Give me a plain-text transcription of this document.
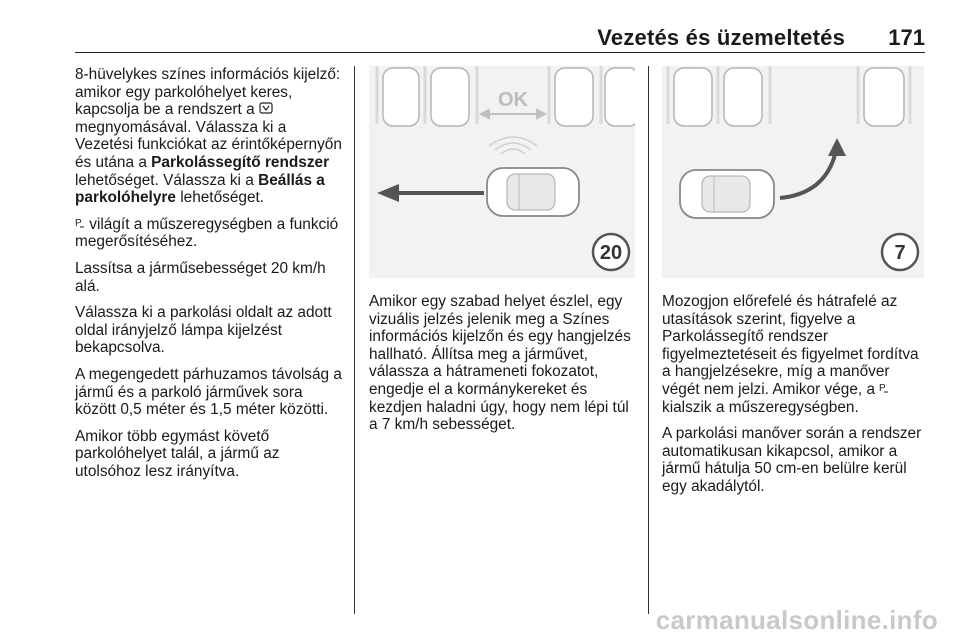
Vezetés és üzemeltetés 171

8-hüvelykes színes információs kijelző: amikor egy parkolóhelyet keres, kapcsolja be a rendszert a  megnyomásával. Válassza ki a Vezetési funkciókat az érintőképernyőn és utána a Parkolássegítő rendszer lehetőséget. Válassza ki a Beállás a parkolóhelyre lehetőséget.

P világít a műszeregységben a funkció megerősítéséhez.

Lassítsa a járműsebességet 20 km/h alá.

Válassza ki a parkolási oldalt az adott oldal irányjelző lámpa kijelzést bekapcsolva.

A megengedett párhuzamos távolság a jármű és a parkoló járművek sora között 0,5 méter és 1,5 méter közötti.

Amikor több egymást követő parkolóhelyet talál, a jármű az utolsóhoz lesz irányítva.

OK
20	7

Amikor egy szabad helyet észlel, egy vizuális jelzés jelenik meg a Színes információs kijelzőn és egy hangjelzés hallható. Állítsa meg a járművet, válassza a hátrameneti fokozatot, engedje el a kormánykereket és kezdjen haladni úgy, hogy nem lépi túl a 7 km/h sebességet.

Mozogjon előrefelé és hátrafelé az utasítások szerint, figyelve a Parkolássegítő rendszer figyelmeztetéseit és figyelmet fordítva a hangjelzésekre, míg a manőver végét nem jelzi. Amikor vége, a P
kialszik a műszeregységben.

A parkolási manőver során a rendszer automatikusan kikapcsol, amikor a jármű hátulja 50 cm-en belülre kerül egy akadálytól.

carmanualsonline.info
